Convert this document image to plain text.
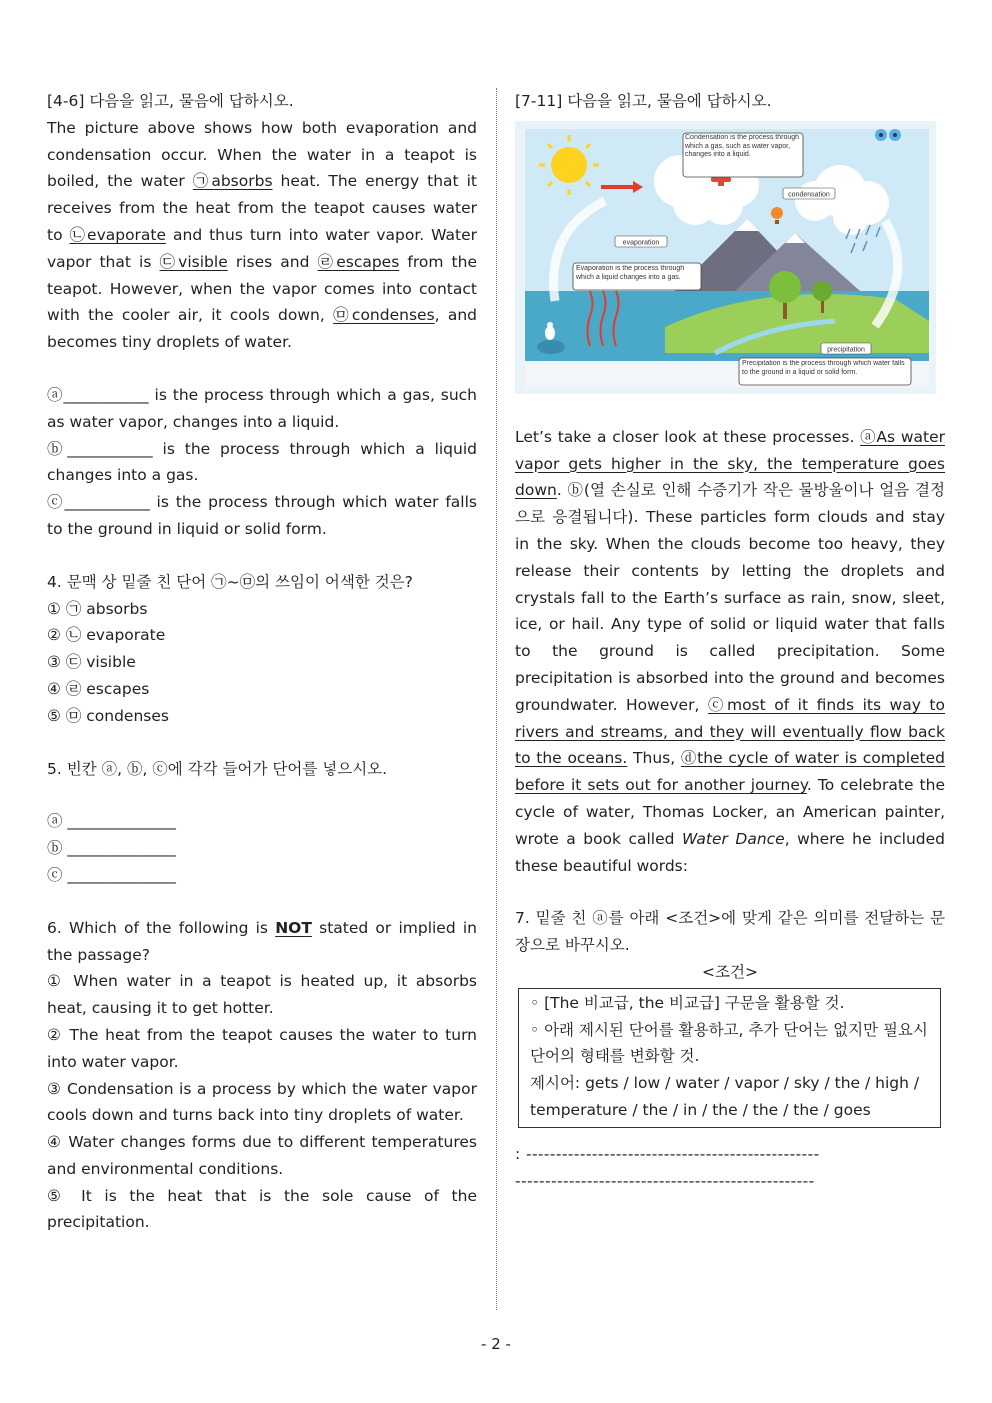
[4-6] 다음을 읽고, 물음에 답하시오.

The picture above shows how both evaporation and condensation occur. When the water in a teapot is boiled, the water ㉠absorbs heat. The energy that it receives from the heat from the teapot causes water to ㉡evaporate and thus turn into water vapor. Water vapor that is ㉢visible rises and ㉣escapes from the teapot. However, when the vapor comes into contact with the cooler air, it cools down, ㉤condenses, and becomes tiny droplets of water.

ⓐ___________ is the process through which a gas, such as water vapor, changes into a liquid.

ⓑ___________ is the process through which a liquid changes into a gas.

ⓒ___________ is the process through which water falls to the ground in liquid or solid form.

4. 문맥 상 밑줄 친 단어 ㉠~㉤의 쓰임이 어색한 것은?

① ㉠ absorbs
② ㉡ evaporate
③ ㉢ visible
④ ㉣ escapes
⑤ ㉤ condenses

5. 빈칸 ⓐ, ⓑ, ⓒ에 각각 들어가 단어를 넣으시오.

ⓐ ______________
ⓑ ______________
ⓒ ______________

6. Which of the following is NOT stated or implied in the passage?

① When water in a teapot is heated up, it absorbs heat, causing it to get hotter.

② The heat from the teapot causes the water to turn into water vapor.

③ Condensation is a process by which the water vapor cools down and turns back into tiny droplets of water.

④ Water changes forms due to different temperatures and environmental conditions.

⑤ It is the heat that is the sole cause of the precipitation.

[7-11] 다음을 읽고, 물음에 답하시오.

Condensation is the process through which a gas, such as water vapor, changes into a liquid.
condensation
evaporation
Evaporation is the process through which a liquid changes into a gas.
precipitation
Precipitation is the process through which water falls to the ground in a liquid or solid form.

Let’s take a closer look at these processes. ⓐAs water vapor gets higher in the sky, the temperature goes down. ⓑ(열 손실로 인해 수증기가 작은 물방울이나 얼음 결정으로 응결됩니다). These particles form clouds and stay in the sky. When the clouds become too heavy, they release their contents by letting the droplets and crystals fall to the Earth’s surface as rain, snow, sleet, ice, or hail. Any type of solid or liquid water that falls to the ground is called precipitation. Some precipitation is absorbed into the ground and becomes groundwater. However, ⓒmost of it finds its way to rivers and streams, and they will eventually flow back to the oceans. Thus, ⓓthe cycle of water is completed before it sets out for another journey. To celebrate the cycle of water, Thomas Locker, an American painter, wrote a book called Water Dance, where he included these beautiful words:

7. 밑줄 친 ⓐ를 아래 <조건>에 맞게 같은 의미를 전달하는 문장으로 바꾸시오.

<조건>

◦ [The 비교급, the 비교급] 구문을 활용할 것.

◦ 아래 제시된 단어를 활용하고, 추가 단어는 없지만 필요시 단어의 형태를 변화할 것.

제시어: gets / low / water / vapor / sky / the / high / temperature / the / in / the / the / the / goes

: -------------------------------------------------
--------------------------------------------------
- 2 -
